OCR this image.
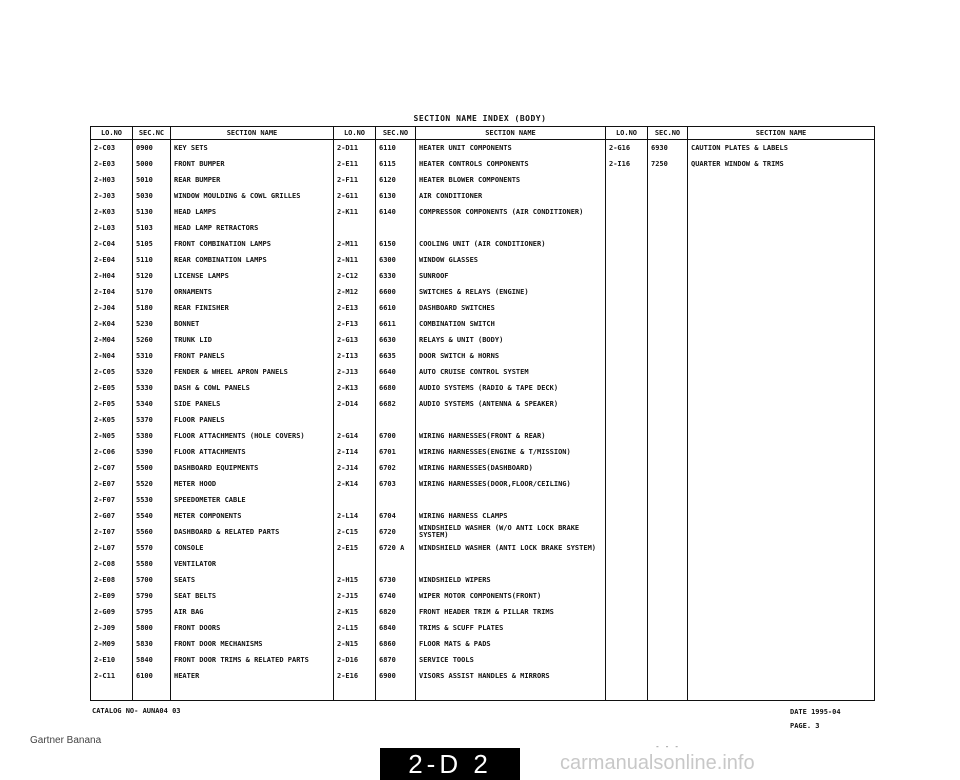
SECTION NAME INDEX (BODY)
LO.NO	SEC.NC	SECTION NAME	LO.NO	SEC.NO	SECTION NAME	LO.NO	SEC.NO	SECTION NAME
2-C03	0900	KEY SETS	2-D11	6110	HEATER UNIT COMPONENTS	2-G16	6930	CAUTION PLATES & LABELS
2-E03	5000	FRONT BUMPER	2-E11	6115	HEATER CONTROLS COMPONENTS	2-I16	7250	QUARTER WINDOW & TRIMS
2-H03	5010	REAR BUMPER	2-F11	6120	HEATER BLOWER COMPONENTS			
2-J03	5030	WINDOW MOULDING & COWL GRILLES	2-G11	6130	AIR CONDITIONER			
2-K03	5130	HEAD LAMPS	2-K11	6140	COMPRESSOR COMPONENTS (AIR CONDITIONER)			
2-L03	5103	HEAD LAMP RETRACTORS						
2-C04	5105	FRONT COMBINATION LAMPS	2-M11	6150	COOLING UNIT (AIR CONDITIONER)			
2-E04	5110	REAR COMBINATION LAMPS	2-N11	6300	WINDOW GLASSES			
2-H04	5120	LICENSE LAMPS	2-C12	6330	SUNROOF			
2-I04	5170	ORNAMENTS	2-M12	6600	SWITCHES & RELAYS (ENGINE)			
2-J04	5180	REAR FINISHER	2-E13	6610	DASHBOARD SWITCHES			
2-K04	5230	BONNET	2-F13	6611	COMBINATION SWITCH			
2-M04	5260	TRUNK LID	2-G13	6630	RELAYS & UNIT (BODY)			
2-N04	5310	FRONT PANELS	2-I13	6635	DOOR SWITCH & HORNS			
2-C05	5320	FENDER & WHEEL APRON PANELS	2-J13	6640	AUTO CRUISE CONTROL SYSTEM			
2-E05	5330	DASH & COWL PANELS	2-K13	6680	AUDIO SYSTEMS (RADIO & TAPE DECK)			
2-F05	5340	SIDE PANELS	2-D14	6682	AUDIO SYSTEMS (ANTENNA & SPEAKER)			
2-K05	5370	FLOOR PANELS						
2-N05	5380	FLOOR ATTACHMENTS (HOLE COVERS)	2-G14	6700	WIRING HARNESSES(FRONT & REAR)			
2-C06	5390	FLOOR ATTACHMENTS	2-I14	6701	WIRING HARNESSES(ENGINE & T/MISSION)			
2-C07	5500	DASHBOARD EQUIPMENTS	2-J14	6702	WIRING HARNESSES(DASHBOARD)			
2-E07	5520	METER HOOD	2-K14	6703	WIRING HARNESSES(DOOR,FLOOR/CEILING)			
2-F07	5530	SPEEDOMETER CABLE						
2-G07	5540	METER COMPONENTS	2-L14	6704	WIRING HARNESS CLAMPS			
2-I07	5560	DASHBOARD & RELATED PARTS	2-C15	6720	WINDSHIELD WASHER (W/O ANTI LOCK BRAKE SYSTEM)			
2-L07	5570	CONSOLE	2-E15	6720 A	WINDSHIELD WASHER (ANTI LOCK BRAKE SYSTEM)			
2-C08	5580	VENTILATOR						
2-E08	5700	SEATS	2-H15	6730	WINDSHIELD WIPERS			
2-E09	5790	SEAT BELTS	2-J15	6740	WIPER MOTOR COMPONENTS(FRONT)			
2-G09	5795	AIR BAG	2-K15	6820	FRONT HEADER TRIM & PILLAR TRIMS			
2-J09	5800	FRONT DOORS	2-L15	6840	TRIMS & SCUFF PLATES			
2-M09	5830	FRONT DOOR MECHANISMS	2-N15	6860	FLOOR MATS & PADS			
2-E10	5840	FRONT DOOR TRIMS & RELATED PARTS	2-D16	6870	SERVICE TOOLS			
2-C11	6100	HEATER	2-E16	6900	VISORS ASSIST HANDLES & MIRRORS			

CATALOG NO- AUNA04 03	DATE 1995-04
PAGE. 3
Gartner Banana
- - -
2-D 2	carmanualsonline.info
